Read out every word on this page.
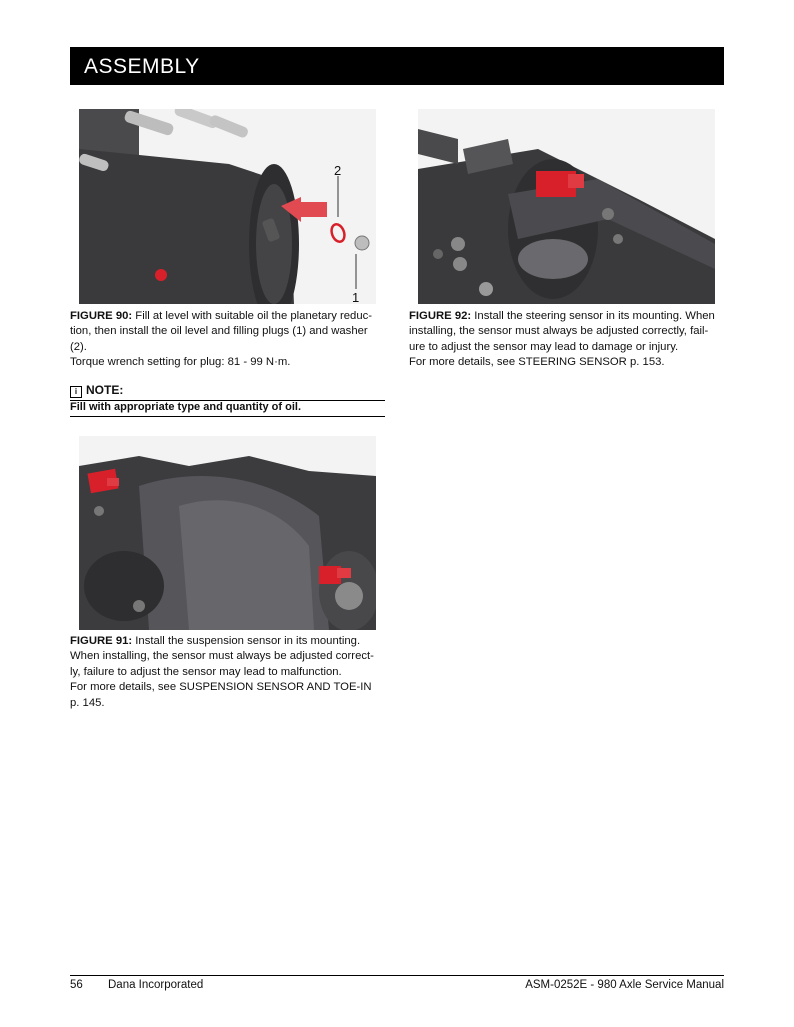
ASSEMBLY
2
1
FIGURE 90: Fill at level with suitable oil the planetary reduc-
tion, then install the oil level and filling plugs (1) and washer
(2).
Torque wrench setting for plug: 81 - 99 N·m.
i NOTE:
Fill with appropriate type and quantity of oil.
FIGURE 91: Install the suspension sensor in its mounting.
When installing, the sensor must always be adjusted correct-
ly, failure to adjust the sensor may lead to malfunction.
For more details, see SUSPENSION SENSOR AND TOE-IN
p. 145.
FIGURE 92: Install the steering sensor in its mounting. When
installing, the sensor must always be adjusted correctly, fail-
ure to adjust the sensor may lead to damage or injury.
For more details, see STEERING SENSOR p. 153.
56 Dana Incorporated	ASM-0252E - 980 Axle Service Manual
